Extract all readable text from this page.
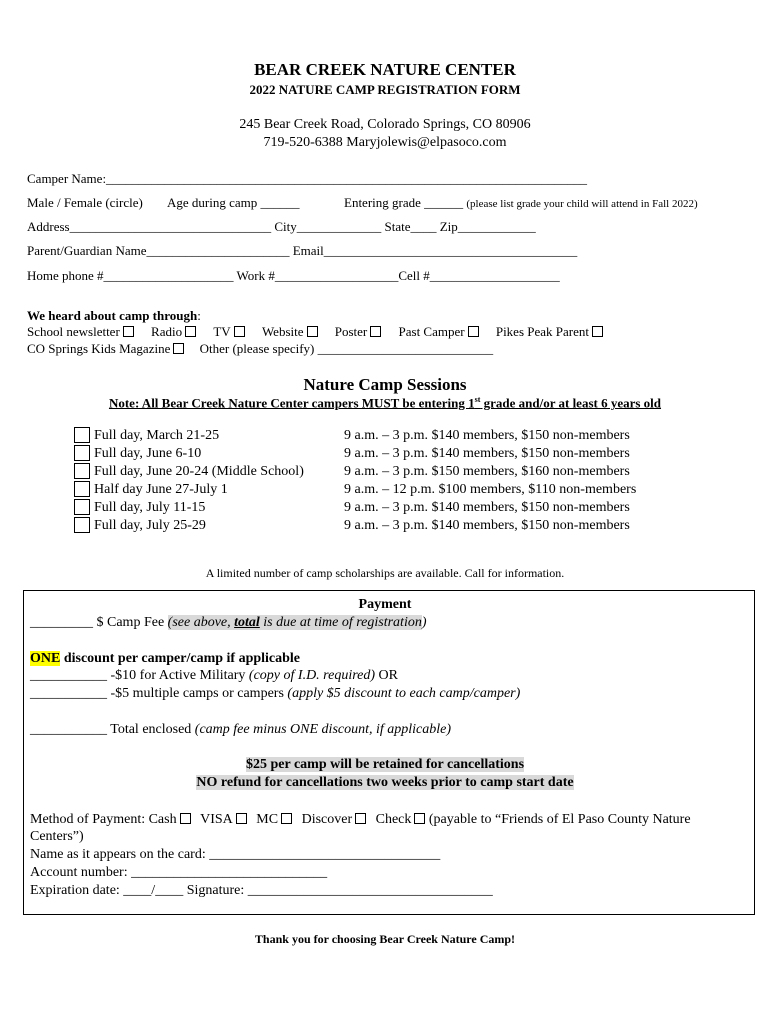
BEAR CREEK NATURE CENTER
2022 NATURE CAMP REGISTRATION FORM
245 Bear Creek Road, Colorado Springs, CO 80906
719-520-6388 Maryjolewis@elpasoco.com
Camper Name:__________________________________________________________________________
Male / Female (circle) Age during camp ______	Entering grade ______ (please list grade your child will attend in Fall 2022)
Address_______________________________ City_____________ State____ Zip____________
Parent/Guardian Name______________________ Email_______________________________________
Home phone #____________________ Work #___________________Cell #____________________
We heard about camp through:
School newsletter Radio TV Website Poster Past Camper Pikes Peak Parent
CO Springs Kids Magazine Other (please specify) ___________________________
Nature Camp Sessions
Note: All Bear Creek Nature Center campers MUST be entering 1st grade and/or at least 6 years old
Full day, March 21-25
Full day, June 6-10
Full day, June 20-24 (Middle School)
Half day June 27-July 1
Full day, July 11-15
Full day, July 25-29
9 a.m. – 3 p.m. $140 members, $150 non-members
9 a.m. – 3 p.m. $140 members, $150 non-members
9 a.m. – 3 p.m. $150 members, $160 non-members
9 a.m. – 12 p.m. $100 members, $110 non-members
9 a.m. – 3 p.m. $140 members, $150 non-members
9 a.m. – 3 p.m. $140 members, $150 non-members
A limited number of camp scholarships are available. Call for information.
Payment
_________ $ Camp Fee (see above, total is due at time of registration)
ONE discount per camper/camp if applicable
___________ -$10 for Active Military (copy of I.D. required) OR
___________ -$5 multiple camps or campers (apply $5 discount to each camp/camper)
___________ Total enclosed (camp fee minus ONE discount, if applicable)
$25 per camp will be retained for cancellations
NO refund for cancellations two weeks prior to camp start date
Method of Payment: Cash VISA MC Discover Check (payable to “Friends of El Paso County Nature
Centers”)
Name as it appears on the card: _________________________________
Account number: ____________________________
Expiration date: ____/____ Signature: ___________________________________
Thank you for choosing Bear Creek Nature Camp!
